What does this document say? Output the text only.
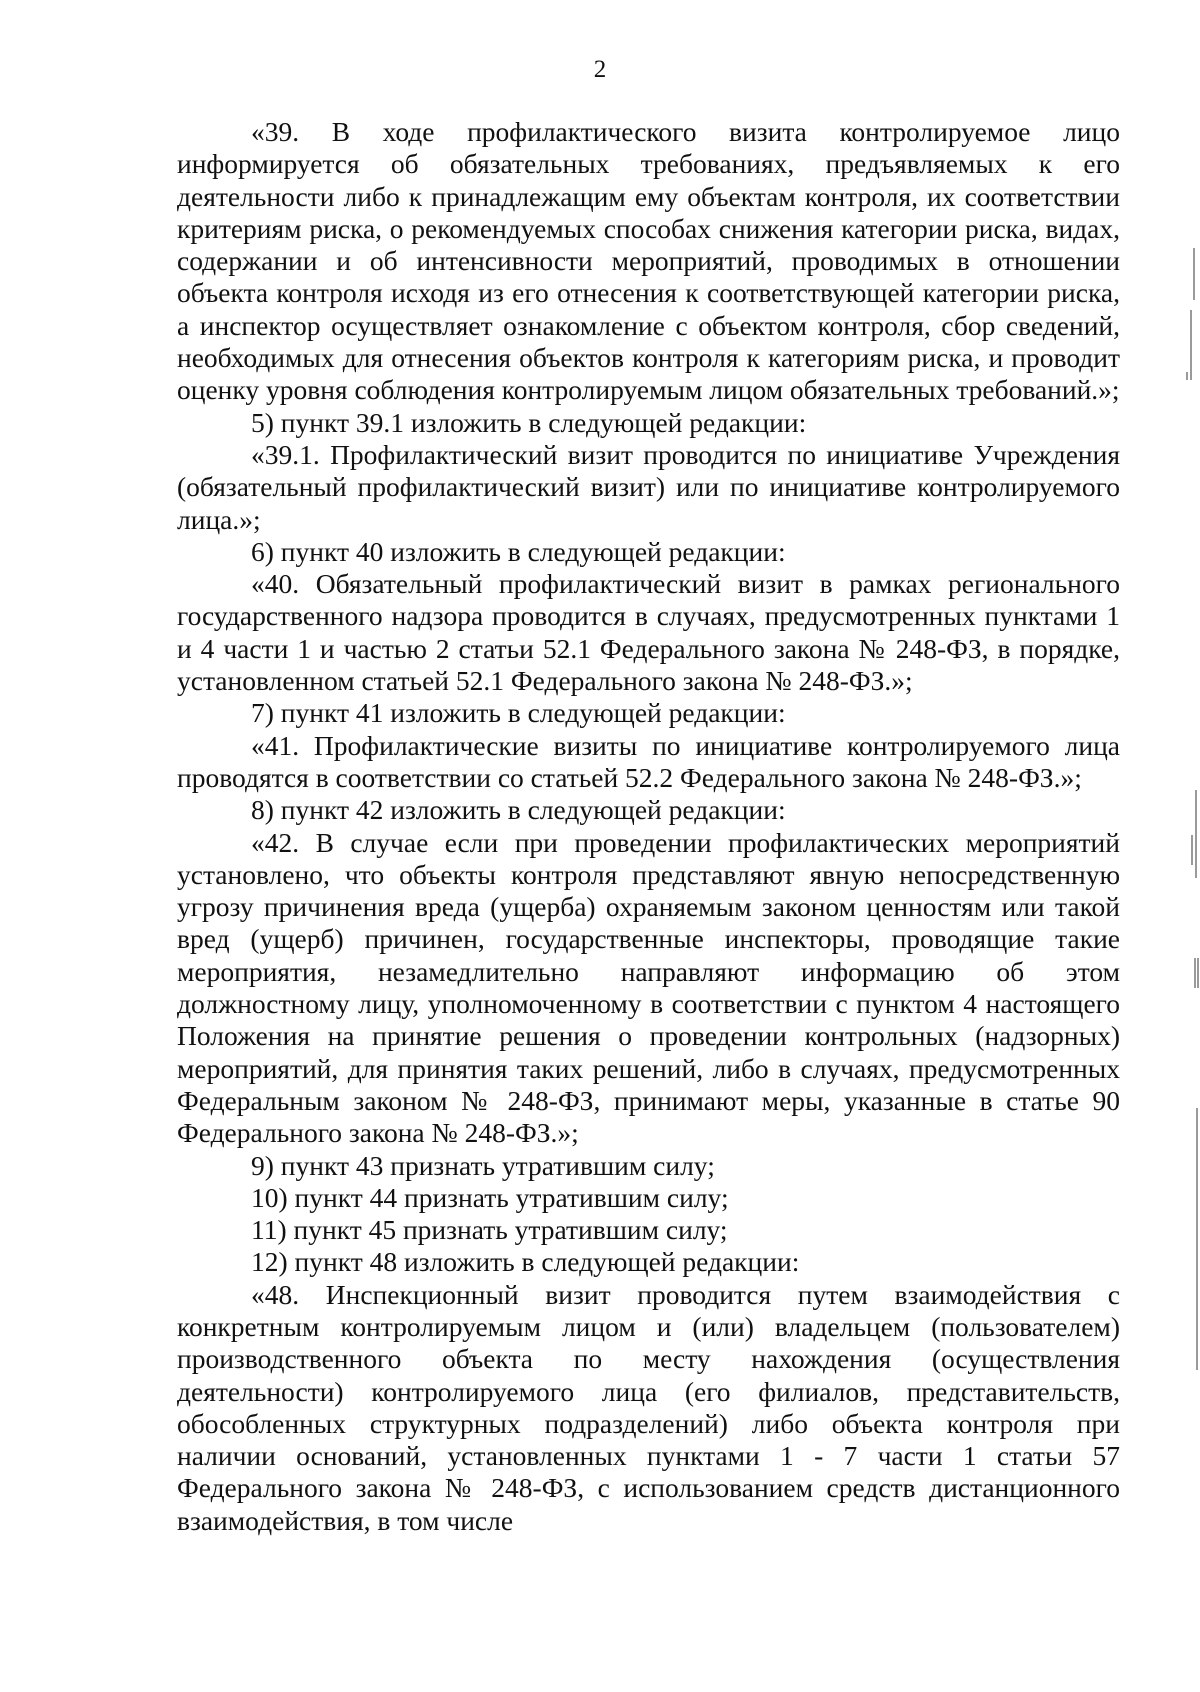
2

«39. В ходе профилактического визита контролируемое лицо информируется об обязательных требованиях, предъявляемых к его деятельности либо к принадлежащим ему объектам контроля, их соответствии критериям риска, о рекомендуемых способах снижения категории риска, видах, содержании и об интенсивности мероприятий, проводимых в отношении объекта контроля исходя из его отнесения к соответствующей категории риска, а инспектор осуществляет ознакомление с объектом контроля, сбор сведений, необходимых для отнесения объектов контроля к категориям риска, и проводит оценку уровня соблюдения контролируемым лицом обязательных требований.»;

5) пункт 39.1 изложить в следующей редакции:

«39.1. Профилактический визит проводится по инициативе Учреждения (обязательный профилактический визит) или по инициативе контролируемого лица.»;

6) пункт 40 изложить в следующей редакции:

«40. Обязательный профилактический визит в рамках регионального государственного надзора проводится в случаях, предусмотренных пунктами 1 и 4 части 1 и частью 2 статьи 52.1 Федерального закона № 248-ФЗ, в порядке, установленном статьей 52.1 Федерального закона № 248-ФЗ.»;

7) пункт 41 изложить в следующей редакции:

«41. Профилактические визиты по инициативе контролируемого лица проводятся в соответствии со статьей 52.2 Федерального закона № 248-ФЗ.»;

8) пункт 42 изложить в следующей редакции:

«42. В случае если при проведении профилактических мероприятий установлено, что объекты контроля представляют явную непосредственную угрозу причинения вреда (ущерба) охраняемым законом ценностям или такой вред (ущерб) причинен, государственные инспекторы, проводящие такие мероприятия, незамедлительно направляют информацию об этом должностному лицу, уполномоченному в соответствии с пунктом 4 настоящего Положения на принятие решения о проведении контрольных (надзорных) мероприятий, для принятия таких решений, либо в случаях, предусмотренных Федеральным законом № 248-ФЗ, принимают меры, указанные в статье 90 Федерального закона № 248-ФЗ.»;

9) пункт 43 признать утратившим силу;

10) пункт 44 признать утратившим силу;

11) пункт 45 признать утратившим силу;

12) пункт 48 изложить в следующей редакции:

«48. Инспекционный визит проводится путем взаимодействия с конкретным контролируемым лицом и (или) владельцем (пользователем) производственного объекта по месту нахождения (осуществления деятельности) контролируемого лица (его филиалов, представительств, обособленных структурных подразделений) либо объекта контроля при наличии оснований, установленных пунктами 1 - 7 части 1 статьи 57 Федерального закона № 248-ФЗ, с использованием средств дистанционного взаимодействия, в том числе
